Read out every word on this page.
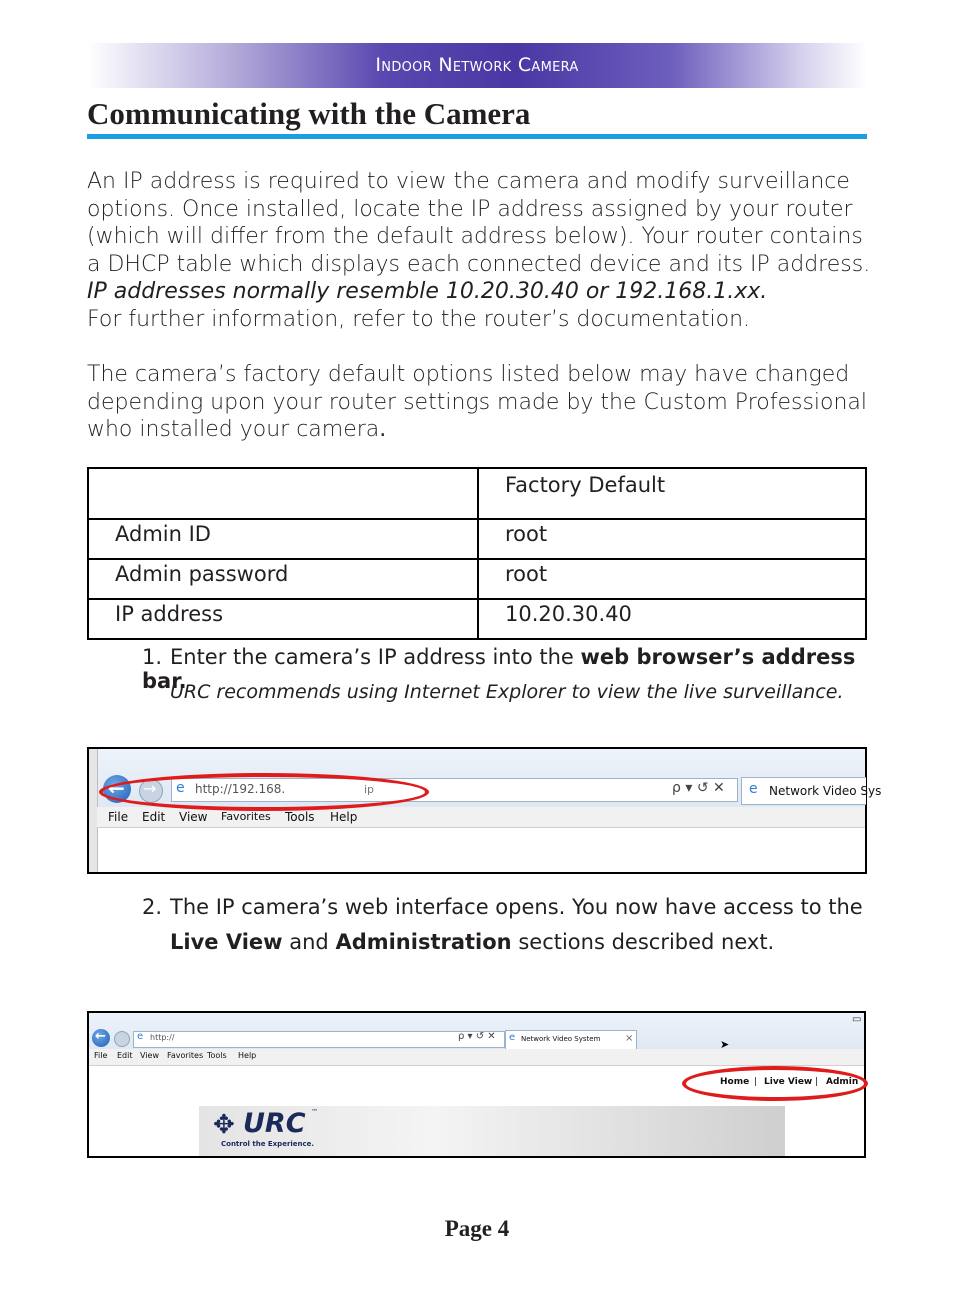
Indoor Network Camera
Communicating with the Camera

An IP address is required to view the camera and modify surveillance options. Once installed, locate the IP address assigned by your router (which will differ from the default address below). Your router contains a DHCP table which displays each connected device and its IP address. IP addresses normally resemble 10.20.30.40 or 192.168.1.xx.
For further information, refer to the router’s documentation.

The camera’s factory default options listed below may have changed depending upon your router settings made by the Custom Professional who installed your camera.

	Factory Default
Admin ID	root
Admin password	root
IP address	10.20.30.40

1. Enter the camera’s IP address into the web browser’s address bar.

URC recommends using Internet Explorer to view the live surveillance.

← → e http://192.168.	ip	ρ ▾ ↺ ✕ e Network Video Sys
File Edit View Favorites Tools Help

2. The IP camera’s web interface opens. You now have access to the
Live View and Administration sections described next.

←	e http://	ρ ▾ ↺ ✕ e Network Video System ×
▭
File Edit View Favorites Tools Help
➤
Home | Live View | Admin
✥ URC ™
Control the Experience.

Page 4
